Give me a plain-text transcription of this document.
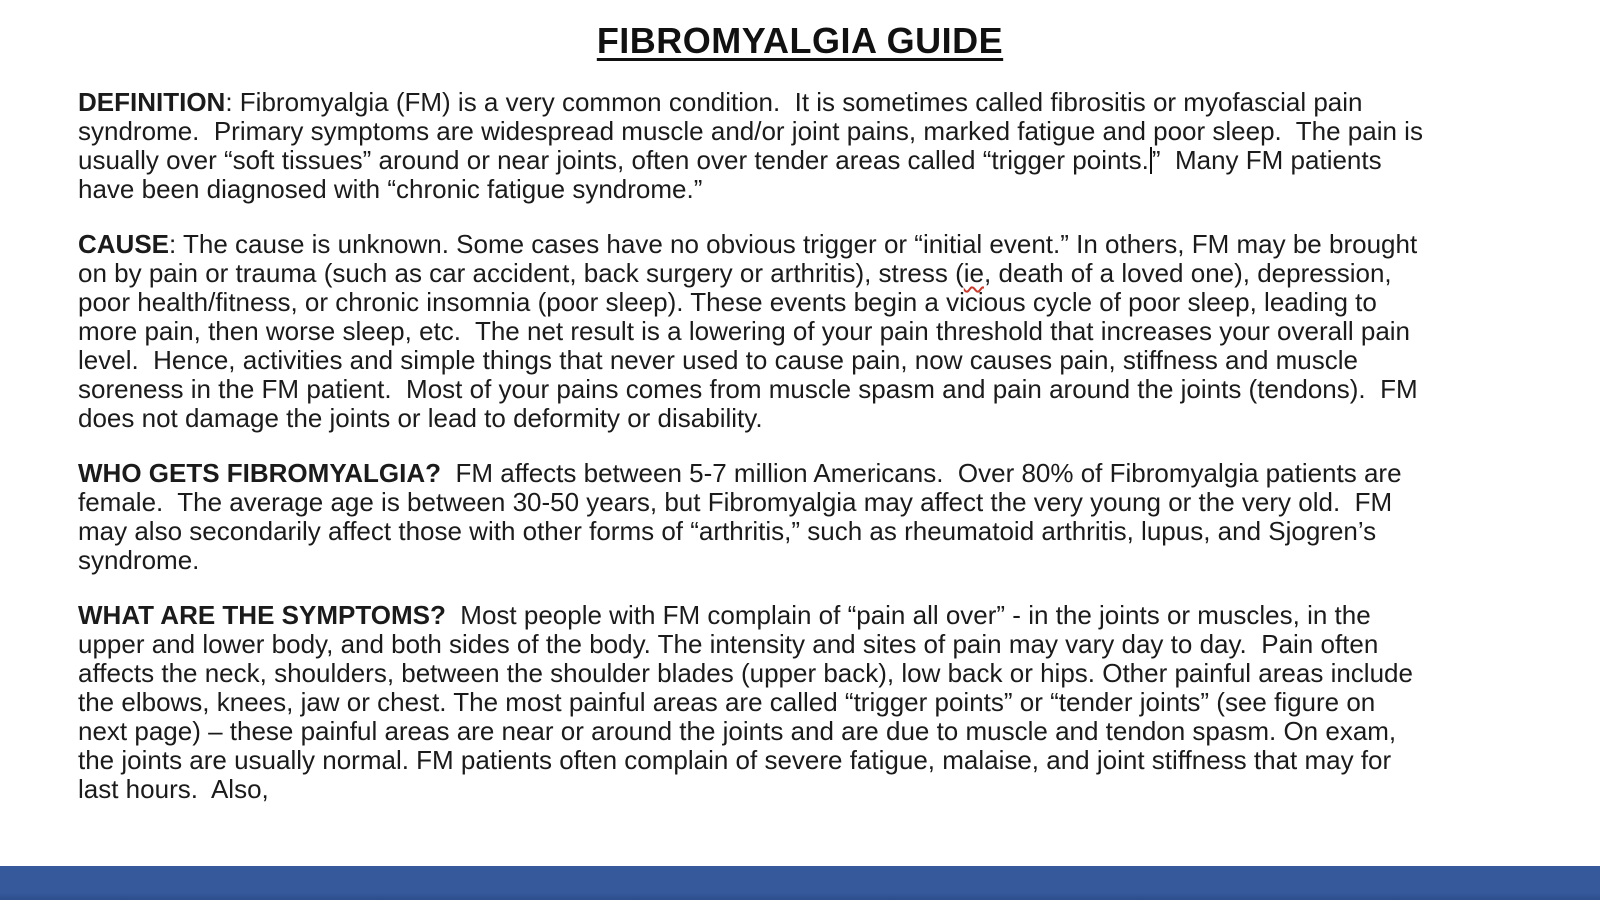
FIBROMYALGIA GUIDE

DEFINITION: Fibromyalgia (FM) is a very common condition.  It is sometimes called fibrositis or myofascial pain syndrome.  Primary symptoms are widespread muscle and/or joint pains, marked fatigue and poor sleep.  The pain is usually over “soft tissues” around or near joints, often over tender areas called “trigger points. ”  Many FM patients have been diagnosed with “chronic fatigue syndrome.”

CAUSE: The cause is unknown. Some cases have no obvious trigger or “initial event.” In others, FM may be brought on by pain or trauma (such as car accident, back surgery or arthritis), stress (ie, death of a loved one), depression, poor health/fitness, or chronic insomnia (poor sleep). These events begin a vicious cycle of poor sleep, leading to more pain, then worse sleep, etc.  The net result is a lowering of your pain threshold that increases your overall pain level.  Hence, activities and simple things that never used to cause pain, now causes pain, stiffness and muscle soreness in the FM patient.  Most of your pains comes from muscle spasm and pain around the joints (tendons).  FM does not damage the joints or lead to deformity or disability.

WHO GETS FIBROMYALGIA?  FM affects between 5-7 million Americans.  Over 80% of Fibromyalgia patients are female.  The average age is between 30-50 years, but Fibromyalgia may affect the very young or the very old.  FM may also secondarily affect those with other forms of “arthritis,” such as rheumatoid arthritis, lupus, and Sjogren’s syndrome.

WHAT ARE THE SYMPTOMS?  Most people with FM complain of “pain all over” - in the joints or muscles, in the upper and lower body, and both sides of the body. The intensity and sites of pain may vary day to day.  Pain often affects the neck, shoulders, between the shoulder blades (upper back), low back or hips. Other painful areas include the elbows, knees, jaw or chest. The most painful areas are called “trigger points” or “tender joints” (see figure on next page) – these painful areas are near or around the joints and are due to muscle and tendon spasm. On exam, the joints are usually normal. FM patients often complain of severe fatigue, malaise, and joint stiffness that may for last hours.  Also,
